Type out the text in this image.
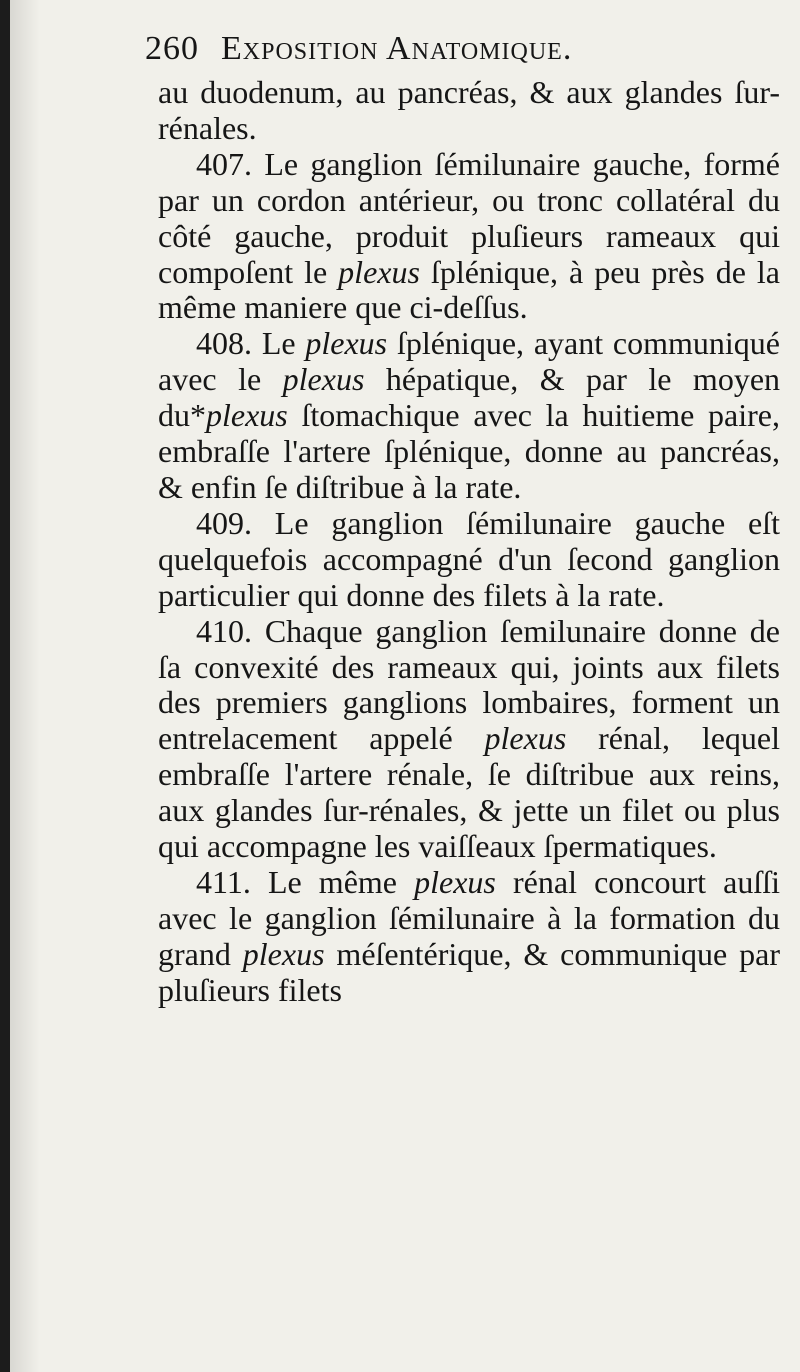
260 Exposition Anatomique.

au duodenum, au pancréas, & aux glandes ſur-rénales.

407. Le ganglion ſémilunaire gauche, formé par un cordon antérieur, ou tronc collatéral du côté gauche, produit pluſieurs rameaux qui compoſent le plexus ſplénique, à peu près de la même maniere que ci-deſſus.

408. Le plexus ſplénique, ayant communiqué avec le plexus hépatique, & par le moyen du*plexus ſtomachique avec la huitieme paire, embraſſe l'artere ſplénique, donne au pancréas, & enfin ſe diſtribue à la rate.

409. Le ganglion ſémilunaire gauche eſt quelquefois accompagné d'un ſecond ganglion particulier qui donne des filets à la rate.

410. Chaque ganglion ſemilunaire donne de ſa convexité des rameaux qui, joints aux filets des premiers ganglions lombaires, forment un entrelacement appelé plexus rénal, lequel embraſſe l'artere rénale, ſe diſtribue aux reins, aux glandes ſur-rénales, & jette un filet ou plus qui accompagne les vaiſſeaux ſpermatiques.

411. Le même plexus rénal concourt auſſi avec le ganglion ſémilunaire à la formation du grand plexus méſentérique, & communique par pluſieurs filets
